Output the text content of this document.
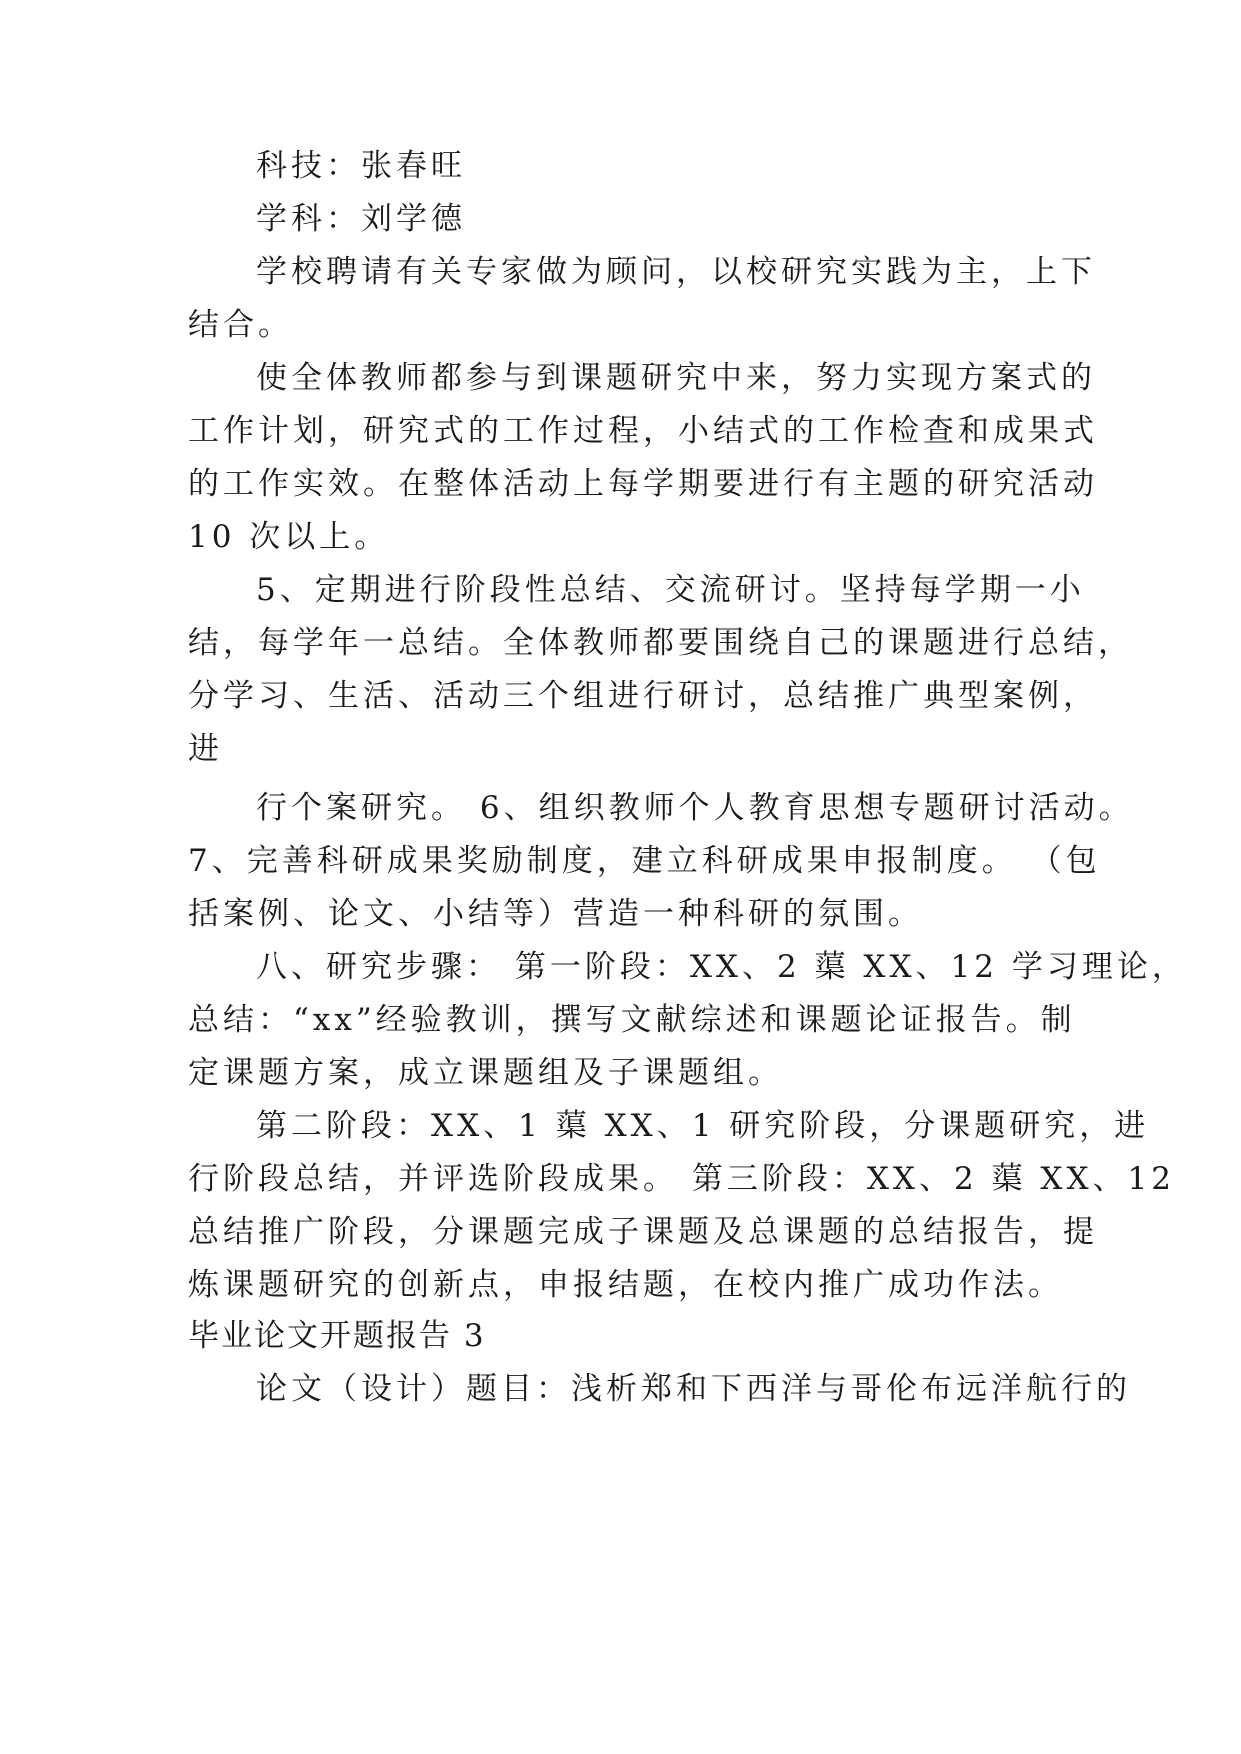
科技：张春旺
学科：刘学德
学校聘请有关专家做为顾问，以校研究实践为主，上下
结合。
使全体教师都参与到课题研究中来，努力实现方案式的
工作计划，研究式的工作过程，小结式的工作检查和成果式
的工作实效。在整体活动上每学期要进行有主题的研究活动
10 次以上。
5、定期进行阶段性总结、交流研讨。坚持每学期一小
结，每学年一总结。全体教师都要围绕自己的课题进行总结，
分学习、生活、活动三个组进行研讨，总结推广典型案例，
进
行个案研究。 6、组织教师个人教育思想专题研讨活动。
7、完善科研成果奖励制度，建立科研成果申报制度。 （包
括案例、论文、小结等）营造一种科研的氛围。
八、研究步骤： 第一阶段：XX、2 蕖 XX、12 学习理论，
总结：“xx”经验教训，撰写文献综述和课题论证报告。制
定课题方案，成立课题组及子课题组。
第二阶段：XX、1 蕖 XX、1 研究阶段，分课题研究，进
行阶段总结，并评选阶段成果。 第三阶段：XX、2 蕖 XX、12
总结推广阶段，分课题完成子课题及总课题的总结报告，提
炼课题研究的创新点，申报结题，在校内推广成功作法。
毕业论文开题报告 3
论文（设计）题目：浅析郑和下西洋与哥伦布远洋航行的
